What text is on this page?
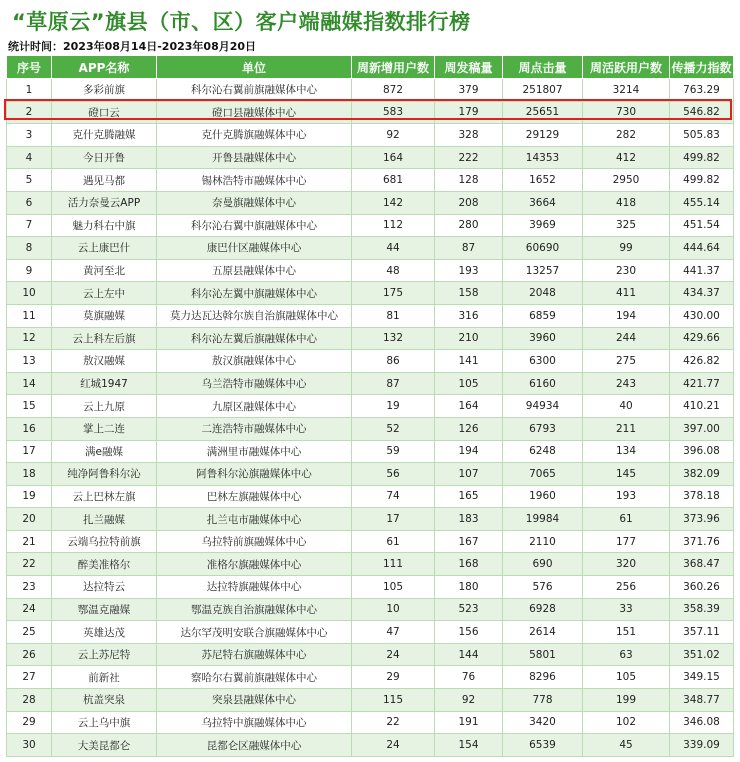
“草原云”旗县（市、区）客户端融媒指数排行榜
统计时间：2023年08月14日-2023年08月20日
序号	APP名称	单位	周新增用户数	周发稿量	周点击量	周活跃用户数	传播力指数
1	多彩前旗	科尔沁右翼前旗融媒体中心	872	379	251807	3214	763.29
2	磴口云	磴口县融媒体中心	583	179	25651	730	546.82
3	克什克腾融媒	克什克腾旗融媒体中心	92	328	29129	282	505.83
4	今日开鲁	开鲁县融媒体中心	164	222	14353	412	499.82
5	遇见马都	锡林浩特市融媒体中心	681	128	1652	2950	499.82
6	活力奈曼云APP	奈曼旗融媒体中心	142	208	3664	418	455.14
7	魅力科右中旗	科尔沁右翼中旗融媒体中心	112	280	3969	325	451.54
8	云上康巴什	康巴什区融媒体中心	44	87	60690	99	444.64
9	黄河至北	五原县融媒体中心	48	193	13257	230	441.37
10	云上左中	科尔沁左翼中旗融媒体中心	175	158	2048	411	434.37
11	莫旗融媒	莫力达瓦达斡尔族自治旗融媒体中心	81	316	6859	194	430.00
12	云上科左后旗	科尔沁左翼后旗融媒体中心	132	210	3960	244	429.66
13	敖汉融媒	敖汉旗融媒体中心	86	141	6300	275	426.82
14	红城1947	乌兰浩特市融媒体中心	87	105	6160	243	421.77
15	云上九原	九原区融媒体中心	19	164	94934	40	410.21
16	掌上二连	二连浩特市融媒体中心	52	126	6793	211	397.00
17	满e融媒	满洲里市融媒体中心	59	194	6248	134	396.08
18	纯净阿鲁科尔沁	阿鲁科尔沁旗融媒体中心	56	107	7065	145	382.09
19	云上巴林左旗	巴林左旗融媒体中心	74	165	1960	193	378.18
20	扎兰融媒	扎兰屯市融媒体中心	17	183	19984	61	373.96
21	云端乌拉特前旗	乌拉特前旗融媒体中心	61	167	2110	177	371.76
22	醉美准格尔	准格尔旗融媒体中心	111	168	690	320	368.47
23	达拉特云	达拉特旗融媒体中心	105	180	576	256	360.26
24	鄂温克融媒	鄂温克族自治旗融媒体中心	10	523	6928	33	358.39
25	英雄达茂	达尔罕茂明安联合旗融媒体中心	47	156	2614	151	357.11
26	云上苏尼特	苏尼特右旗融媒体中心	24	144	5801	63	351.02
27	前新社	察哈尔右翼前旗融媒体中心	29	76	8296	105	349.15
28	杭盖突泉	突泉县融媒体中心	115	92	778	199	348.77
29	云上乌中旗	乌拉特中旗融媒体中心	22	191	3420	102	346.08
30	大美昆都仑	昆都仑区融媒体中心	24	154	6539	45	339.09
